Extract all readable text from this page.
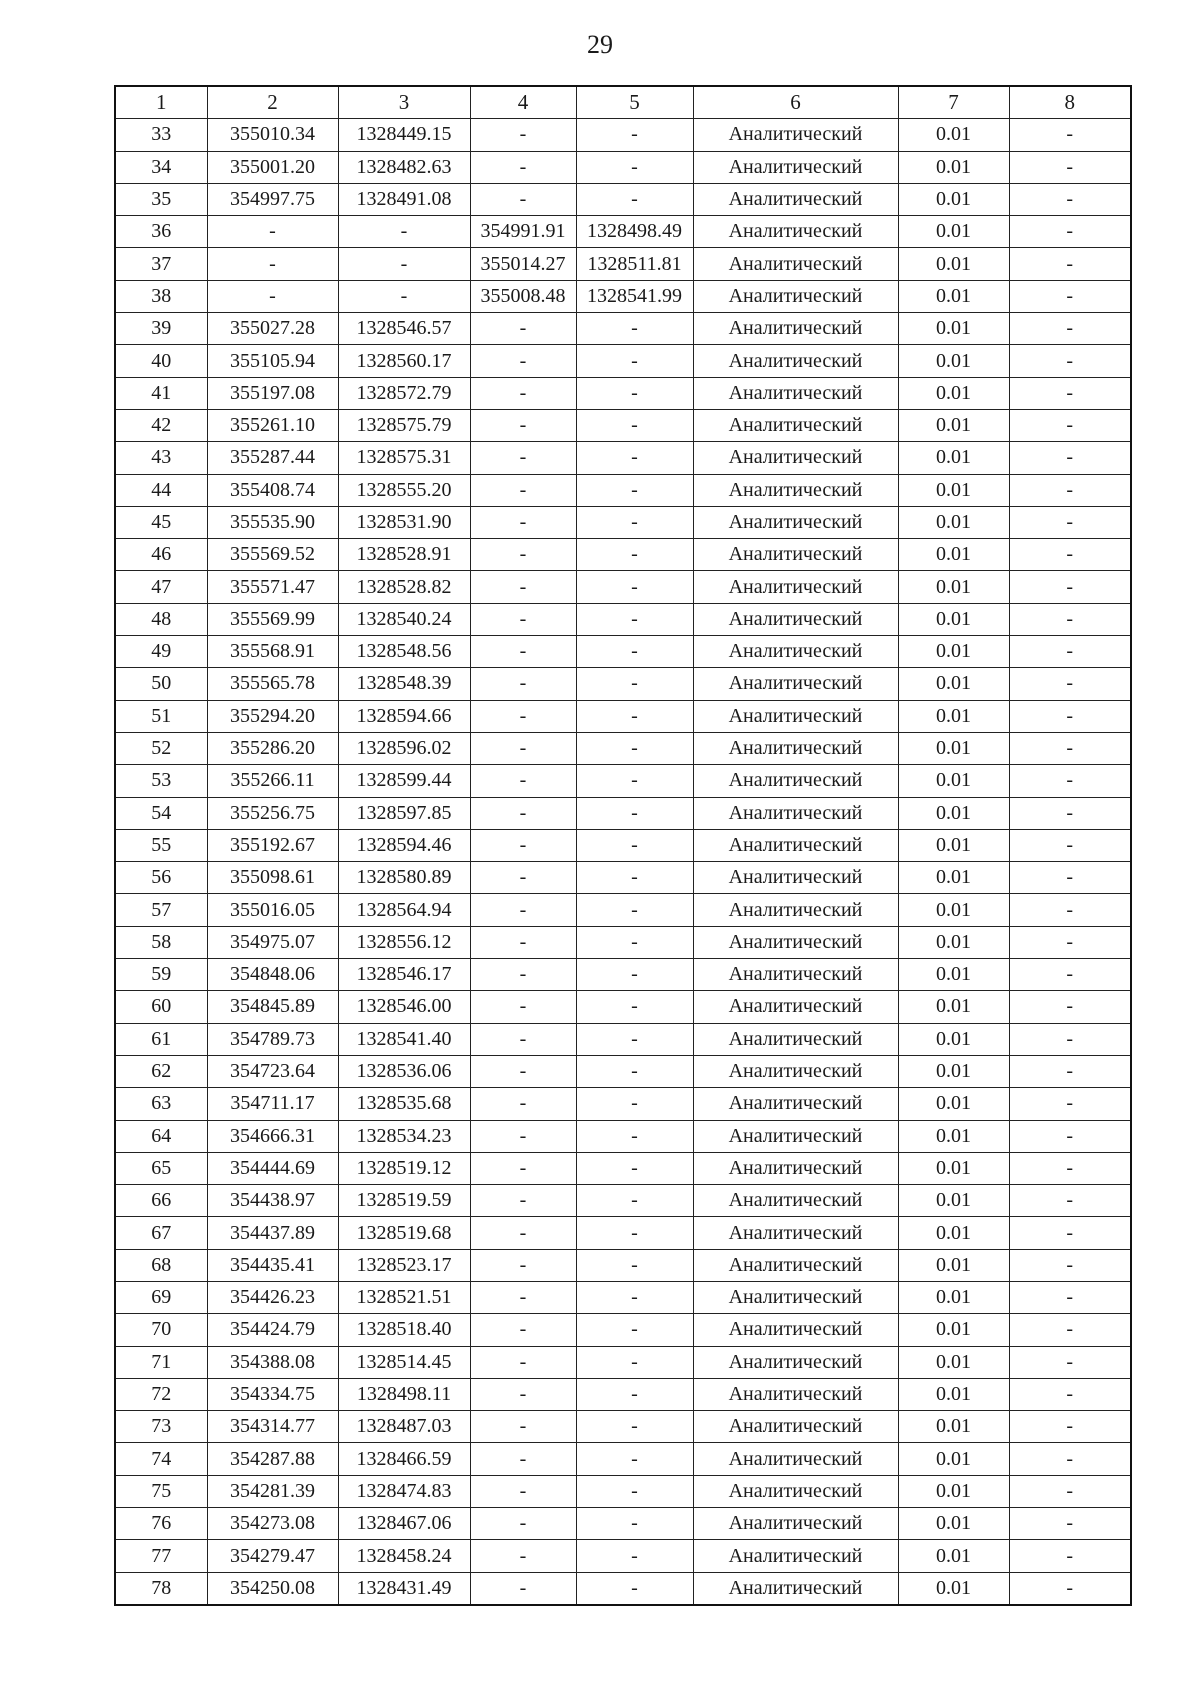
29
1	2	3	4	5	6	7	8
33	355010.34	1328449.15	-	-	Аналитический	0.01	-
34	355001.20	1328482.63	-	-	Аналитический	0.01	-
35	354997.75	1328491.08	-	-	Аналитический	0.01	-
36	-	-	354991.91	1328498.49	Аналитический	0.01	-
37	-	-	355014.27	1328511.81	Аналитический	0.01	-
38	-	-	355008.48	1328541.99	Аналитический	0.01	-
39	355027.28	1328546.57	-	-	Аналитический	0.01	-
40	355105.94	1328560.17	-	-	Аналитический	0.01	-
41	355197.08	1328572.79	-	-	Аналитический	0.01	-
42	355261.10	1328575.79	-	-	Аналитический	0.01	-
43	355287.44	1328575.31	-	-	Аналитический	0.01	-
44	355408.74	1328555.20	-	-	Аналитический	0.01	-
45	355535.90	1328531.90	-	-	Аналитический	0.01	-
46	355569.52	1328528.91	-	-	Аналитический	0.01	-
47	355571.47	1328528.82	-	-	Аналитический	0.01	-
48	355569.99	1328540.24	-	-	Аналитический	0.01	-
49	355568.91	1328548.56	-	-	Аналитический	0.01	-
50	355565.78	1328548.39	-	-	Аналитический	0.01	-
51	355294.20	1328594.66	-	-	Аналитический	0.01	-
52	355286.20	1328596.02	-	-	Аналитический	0.01	-
53	355266.11	1328599.44	-	-	Аналитический	0.01	-
54	355256.75	1328597.85	-	-	Аналитический	0.01	-
55	355192.67	1328594.46	-	-	Аналитический	0.01	-
56	355098.61	1328580.89	-	-	Аналитический	0.01	-
57	355016.05	1328564.94	-	-	Аналитический	0.01	-
58	354975.07	1328556.12	-	-	Аналитический	0.01	-
59	354848.06	1328546.17	-	-	Аналитический	0.01	-
60	354845.89	1328546.00	-	-	Аналитический	0.01	-
61	354789.73	1328541.40	-	-	Аналитический	0.01	-
62	354723.64	1328536.06	-	-	Аналитический	0.01	-
63	354711.17	1328535.68	-	-	Аналитический	0.01	-
64	354666.31	1328534.23	-	-	Аналитический	0.01	-
65	354444.69	1328519.12	-	-	Аналитический	0.01	-
66	354438.97	1328519.59	-	-	Аналитический	0.01	-
67	354437.89	1328519.68	-	-	Аналитический	0.01	-
68	354435.41	1328523.17	-	-	Аналитический	0.01	-
69	354426.23	1328521.51	-	-	Аналитический	0.01	-
70	354424.79	1328518.40	-	-	Аналитический	0.01	-
71	354388.08	1328514.45	-	-	Аналитический	0.01	-
72	354334.75	1328498.11	-	-	Аналитический	0.01	-
73	354314.77	1328487.03	-	-	Аналитический	0.01	-
74	354287.88	1328466.59	-	-	Аналитический	0.01	-
75	354281.39	1328474.83	-	-	Аналитический	0.01	-
76	354273.08	1328467.06	-	-	Аналитический	0.01	-
77	354279.47	1328458.24	-	-	Аналитический	0.01	-
78	354250.08	1328431.49	-	-	Аналитический	0.01	-
